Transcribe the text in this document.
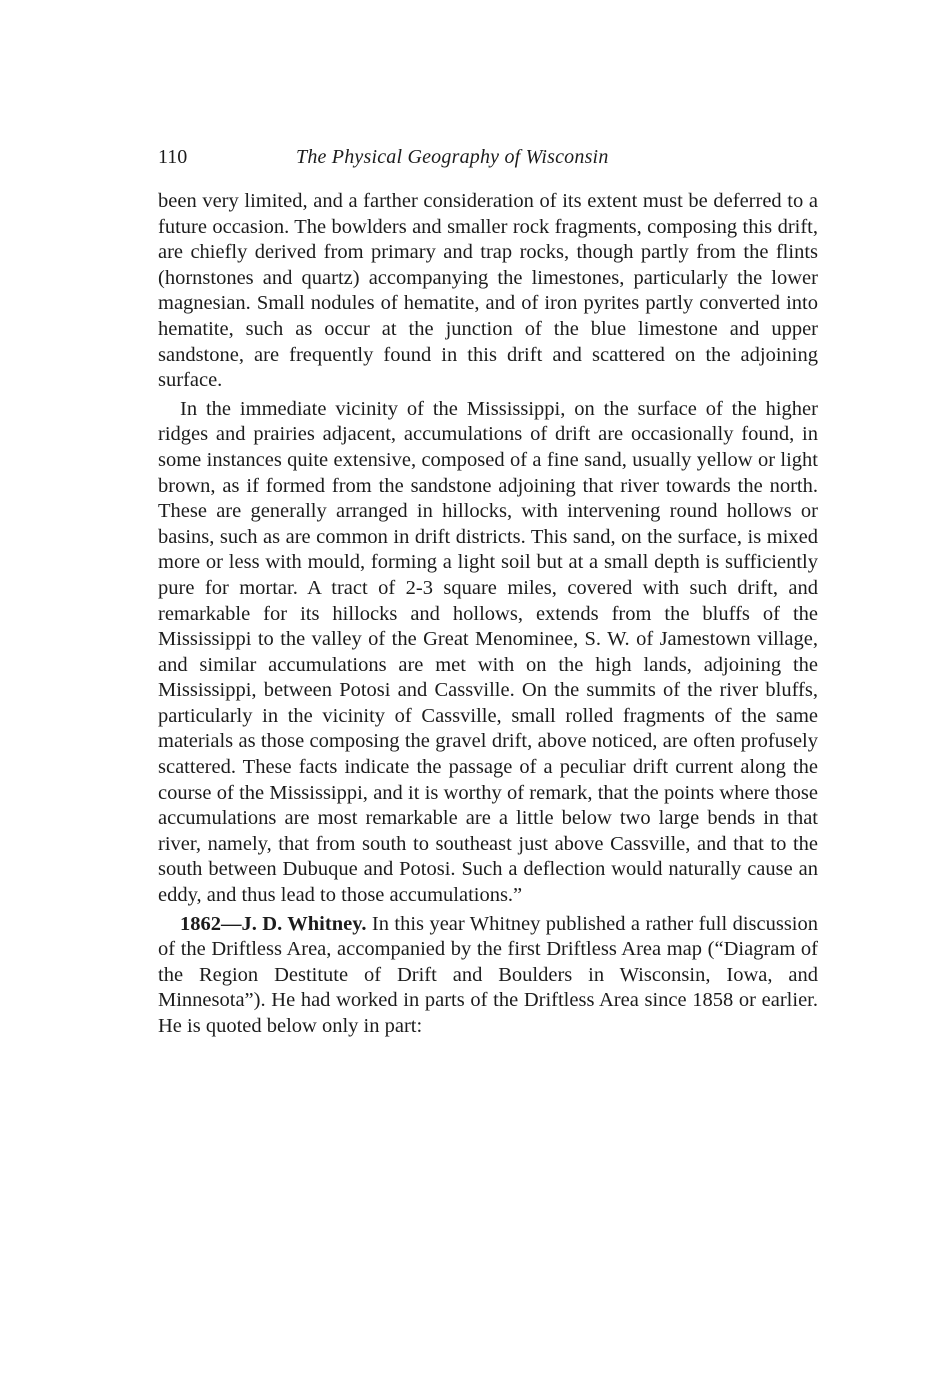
110	The Physical Geography of Wisconsin

been very limited, and a farther consideration of its extent must be deferred to a future occasion. The bowlders and smaller rock fragments, composing this drift, are chiefly derived from primary and trap rocks, though partly from the flints (hornstones and quartz) accompanying the limestones, particularly the lower magnesian. Small nodules of hematite, and of iron pyrites partly converted into hematite, such as occur at the junction of the blue limestone and upper sandstone, are frequently found in this drift and scattered on the adjoining surface.

In the immediate vicinity of the Mississippi, on the surface of the higher ridges and prairies adjacent, accumulations of drift are occasionally found, in some instances quite extensive, composed of a fine sand, usually yellow or light brown, as if formed from the sandstone adjoining that river towards the north. These are generally arranged in hillocks, with intervening round hollows or basins, such as are common in drift districts. This sand, on the surface, is mixed more or less with mould, forming a light soil but at a small depth is sufficiently pure for mortar. A tract of 2-3 square miles, covered with such drift, and remarkable for its hillocks and hollows, extends from the bluffs of the Mississippi to the valley of the Great Menominee, S. W. of Jamestown village, and similar accumulations are met with on the high lands, adjoining the Mississippi, between Potosi and Cassville. On the summits of the river bluffs, particularly in the vicinity of Cassville, small rolled fragments of the same materials as those composing the gravel drift, above noticed, are often profusely scattered. These facts indicate the passage of a peculiar drift current along the course of the Mississippi, and it is worthy of remark, that the points where those accumulations are most remarkable are a little below two large bends in that river, namely, that from south to southeast just above Cassville, and that to the south between Dubuque and Potosi. Such a deflection would naturally cause an eddy, and thus lead to those accumulations.”

1862—J. D. Whitney. In this year Whitney published a rather full discussion of the Driftless Area, accompanied by the first Driftless Area map (“Diagram of the Region Destitute of Drift and Boulders in Wisconsin, Iowa, and Minnesota”). He had worked in parts of the Driftless Area since 1858 or earlier. He is quoted below only in part:
